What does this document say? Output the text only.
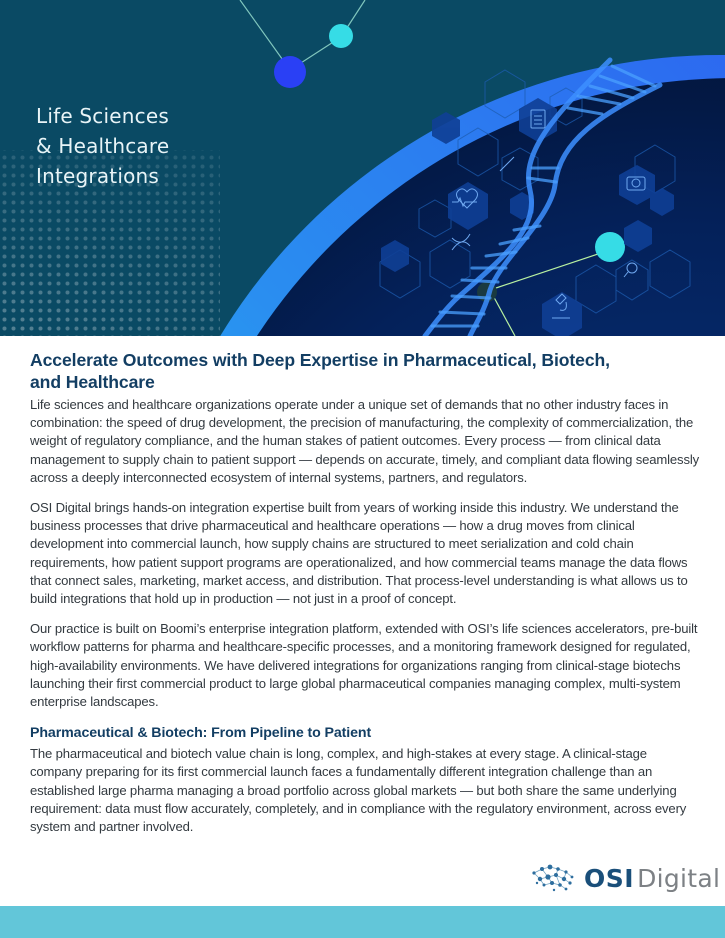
Life Sciences
& Healthcare
Integrations
Accelerate Outcomes with Deep Expertise in Pharmaceutical, Biotech,
and Healthcare

Life sciences and healthcare organizations operate under a unique set of demands that no other industry faces in combination: the speed of drug development, the precision of manufacturing, the complexity of commercialization, the weight of regulatory compliance, and the human stakes of patient outcomes. Every process — from clinical data management to supply chain to patient support — depends on accurate, timely, and compliant data flowing seamlessly across a deeply interconnected ecosystem of internal systems, partners, and regulators.

OSI Digital brings hands-on integration expertise built from years of working inside this industry. We understand the business processes that drive pharmaceutical and healthcare operations — how a drug moves from clinical development into commercial launch, how supply chains are structured to meet serialization and cold chain requirements, how patient support programs are operationalized, and how commercial teams manage the data flows that connect sales, marketing, market access, and distribution. That process-level understanding is what allows us to build integrations that hold up in production — not just in a proof of concept.

Our practice is built on Boomi’s enterprise integration platform, extended with OSI’s life sciences accelerators, pre-built workflow patterns for pharma and healthcare-specific processes, and a monitoring framework designed for regulated, high-availability environments. We have delivered integrations for organizations ranging from clinical-stage biotechs launching their first commercial product to large global pharmaceutical companies managing complex, multi-system enterprise landscapes.

Pharmaceutical & Biotech: From Pipeline to Patient

The pharmaceutical and biotech value chain is long, complex, and high-stakes at every stage. A clinical-stage company preparing for its first commercial launch faces a fundamentally different integration challenge than an established large pharma managing a broad portfolio across global markets — but both share the same underlying requirement: data must flow accurately, completely, and in compliance with the regulatory environment, across every system and partner involved.

OSI Digital
